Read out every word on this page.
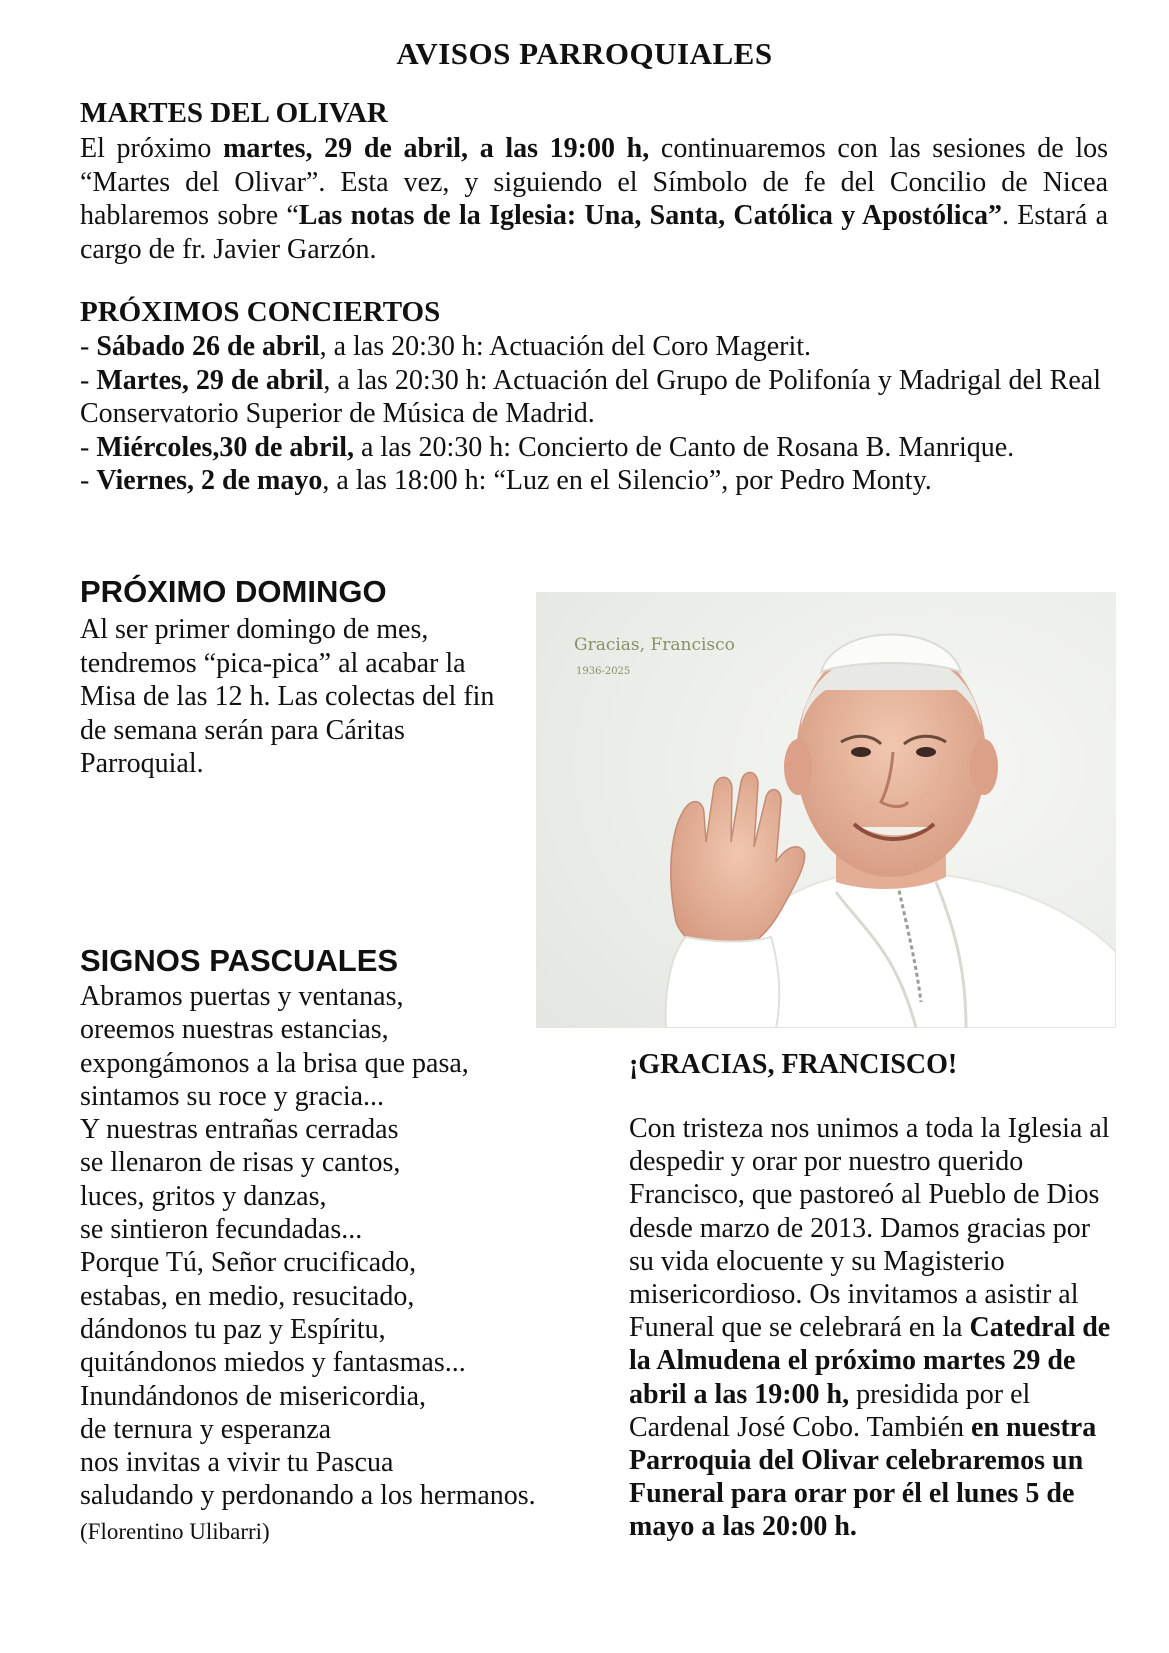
AVISOS PARROQUIALES
MARTES DEL OLIVAR

El próximo martes, 29 de abril, a las 19:00 h, continuaremos con las sesiones de los “Martes del Olivar”. Esta vez, y siguiendo el Símbolo de fe del Concilio de Nicea hablaremos sobre “Las notas de la Iglesia: Una, Santa, Católica y Apostólica”. Estará a cargo de fr. Javier Garzón.

PRÓXIMOS CONCIERTOS
- Sábado 26 de abril, a las 20:30 h: Actuación del Coro Magerit.
- Martes, 29 de abril, a las 20:30 h: Actuación del Grupo de Polifonía y Madrigal del Real Conservatorio Superior de Música de Madrid.
- Miércoles,30 de abril, a las 20:30 h: Concierto de Canto de Rosana B. Manrique.
- Viernes, 2 de mayo, a las 18:00 h: “Luz en el Silencio”, por Pedro Monty.
PRÓXIMO DOMINGO

Al ser primer domingo de mes, tendremos “pica-pica” al acabar la Misa de las 12 h. Las colectas del fin de semana serán para Cáritas Parroquial.

Gracias, Francisco
1936-2025
SIGNOS PASCUALES
Abramos puertas y ventanas,
oreemos nuestras estancias,
expongámonos a la brisa que pasa,
sintamos su roce y gracia...
Y nuestras entrañas cerradas
se llenaron de risas y cantos,
luces, gritos y danzas,
se sintieron fecundadas...
Porque Tú, Señor crucificado,
estabas, en medio, resucitado,
dándonos tu paz y Espíritu,
quitándonos miedos y fantasmas...
Inundándonos de misericordia,
de ternura y esperanza
nos invitas a vivir tu Pascua
saludando y perdonando a los hermanos.

(Florentino Ulibarri)

¡GRACIAS, FRANCISCO!

Con tristeza nos unimos a toda la Iglesia al despedir y orar por nuestro querido Francisco, que pastoreó al Pueblo de Dios desde marzo de 2013. Damos gracias por su vida elocuente y su Magisterio misericordioso. Os invitamos a asistir al Funeral que se celebrará en la Catedral de la Almudena el próximo martes 29 de abril a las 19:00 h, presidida por el Cardenal José Cobo. También en nuestra Parroquia del Olivar celebraremos un Funeral para orar por él el lunes 5 de mayo a las 20:00 h.
